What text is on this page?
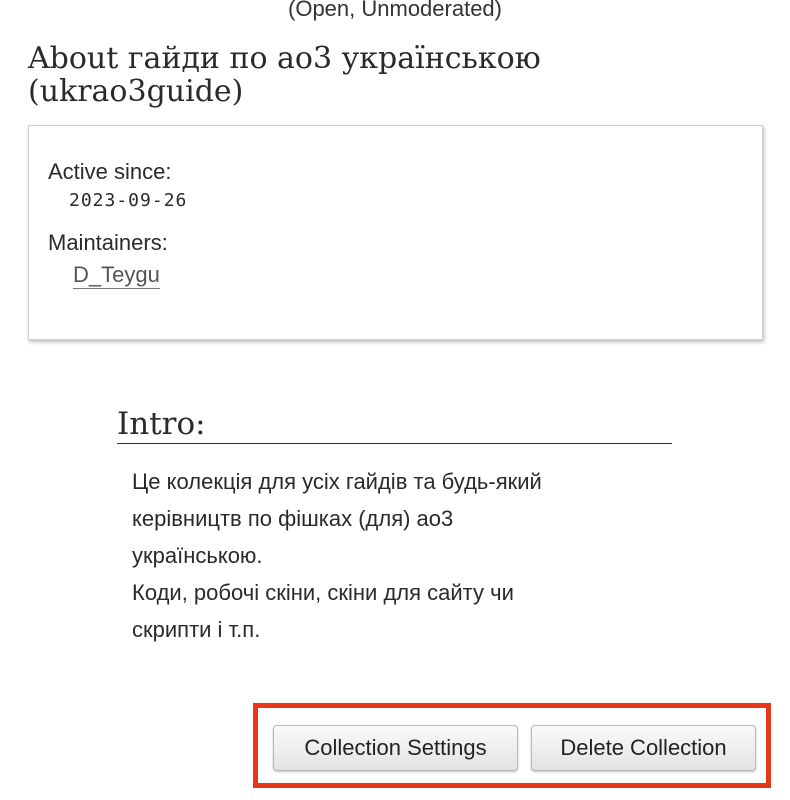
(Open, Unmoderated)
About гайди по ao3 українською
(ukrao3guide)
Active since:
2023-09-26
Maintainers:
D_Teygu
Intro:

Це колекція для усіх гайдів та будь-який

керівництв по фішках (для) ao3

українською.

Коди, робочі скіни, скіни для сайту чи

скрипти і т.п.

Collection Settings	Delete Collection
